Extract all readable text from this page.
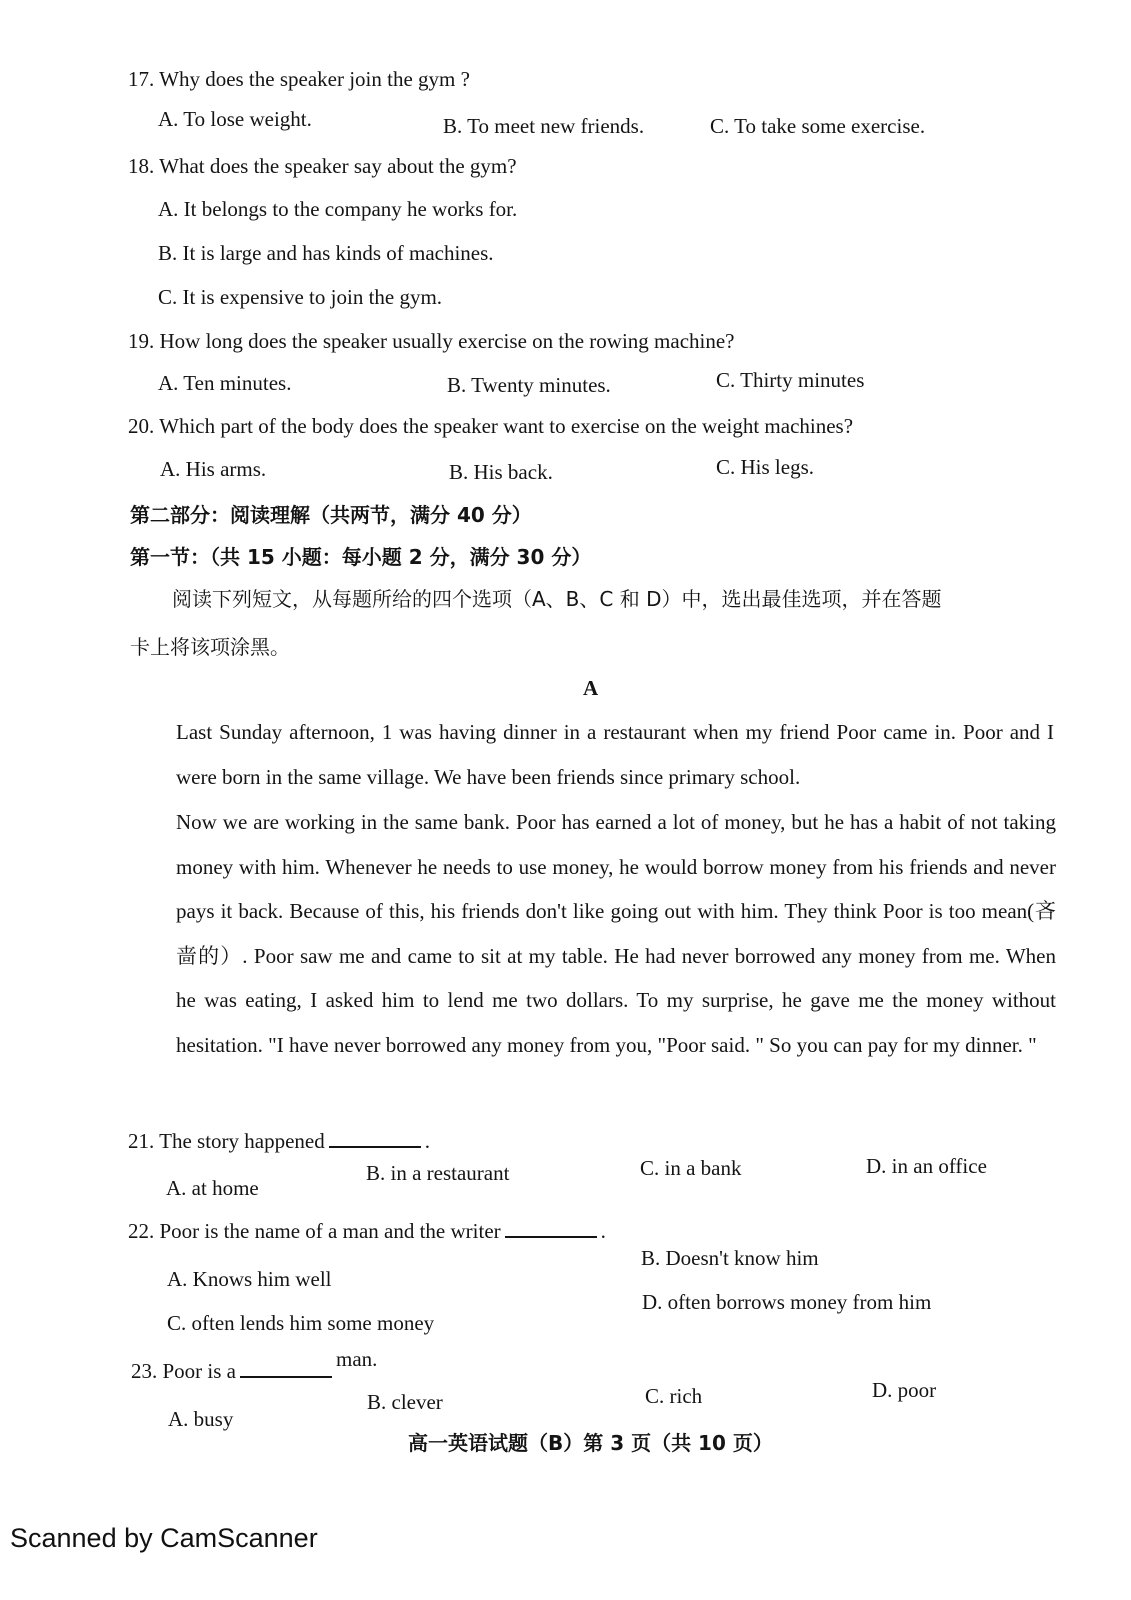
17. Why does the speaker join the gym ?
A. To lose weight.	B. To meet new friends.	C. To take some exercise.
18. What does the speaker say about the gym?
A. It belongs to the company he works for.
B. It is large and has kinds of machines.
C. It is expensive to join the gym.
19. How long does the speaker usually exercise on the rowing machine?
A. Ten minutes.	B. Twenty minutes.	C. Thirty minutes
20. Which part of the body does the speaker want to exercise on the weight machines?
A. His arms.	B. His back.	C. His legs.
第二部分：阅读理解（共两节，满分 40 分）
第一节：（共 15 小题：每小题 2 分，满分 30 分）
阅读下列短文，从每题所给的四个选项（A、B、C 和 D）中，选出最佳选项，并在答题
卡上将该项涂黑。
A
Last Sunday afternoon, 1 was having dinner in a restaurant when my friend Poor came in. Poor and I were born in the same village. We have been friends since primary school.
Now we are working in the same bank. Poor has earned a lot of money, but he has a habit of not taking money with him. Whenever he needs to use money, he would borrow money from his friends and never pays it back. Because of this, his friends don't like going out with him. They think Poor is too mean(吝啬的）. Poor saw me and came to sit at my table. He had never borrowed any money from me. When he was eating, I asked him to lend me two dollars. To my surprise, he gave me the money without hesitation. "I have never borrowed any money from you, "Poor said. " So you can pay for my dinner. "
21. The story happened	.
A. at home
B. in a restaurant	C. in a bank	D. in an office
22. Poor is the name of a man and the writer	.
B. Doesn't know him
A. Knows him well
D. often borrows money from him
C. often lends him some money
23. Poor is a	man.
A. busy
B. clever	C. rich	D. poor
高一英语试题（B）第 3 页（共 10 页）
Scanned by CamScanner
